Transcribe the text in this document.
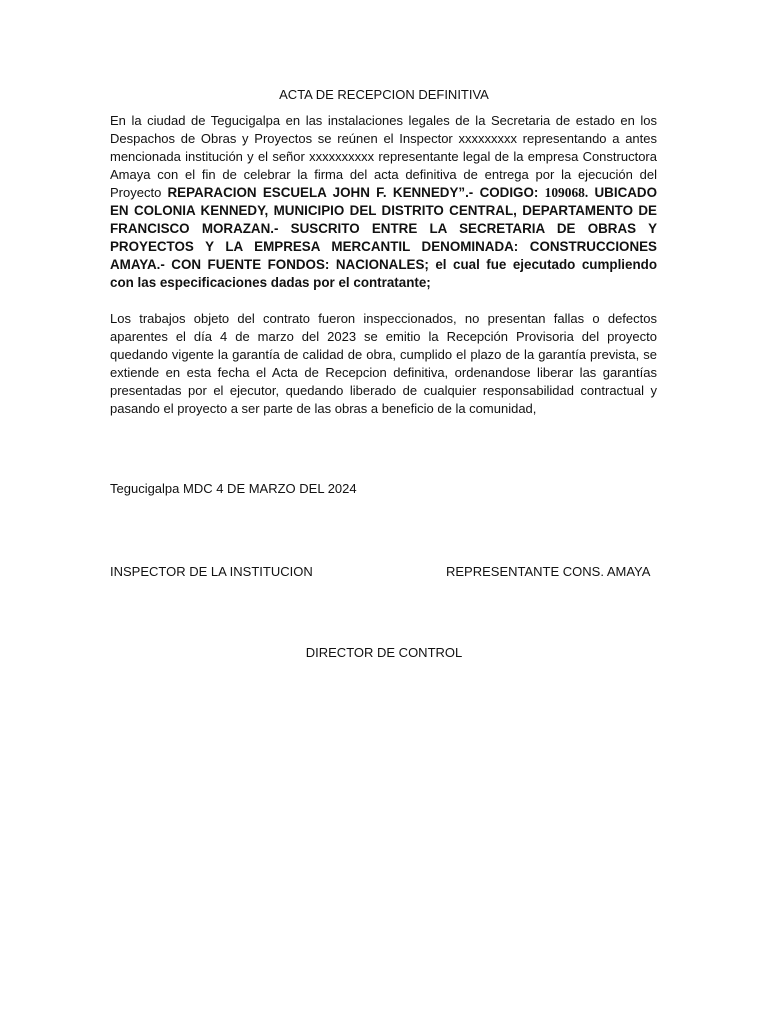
ACTA DE RECEPCION DEFINITIVA

En la ciudad de Tegucigalpa en las instalaciones legales de la Secretaria de estado en los Despachos de Obras y Proyectos se reúnen el Inspector xxxxxxxxx representando a antes mencionada institución y el señor xxxxxxxxxx representante legal de la empresa Constructora Amaya con el fin de celebrar la firma del acta definitiva de entrega por la ejecución del Proyecto REPARACION ESCUELA JOHN F. KENNEDY”.- CODIGO: 109068. UBICADO EN COLONIA KENNEDY, MUNICIPIO DEL DISTRITO CENTRAL, DEPARTAMENTO DE FRANCISCO MORAZAN.- SUSCRITO ENTRE LA SECRETARIA DE OBRAS Y PROYECTOS Y LA EMPRESA MERCANTIL DENOMINADA: CONSTRUCCIONES AMAYA.- CON FUENTE FONDOS: NACIONALES; el cual fue ejecutado cumpliendo con las especificaciones dadas por el contratante;

Los trabajos objeto del contrato fueron inspeccionados, no presentan fallas o defectos aparentes el día 4 de marzo del 2023 se emitio la Recepción Provisoria del proyecto quedando vigente la garantía de calidad de obra, cumplido el plazo de la garantía prevista, se extiende en esta fecha el Acta de Recepcion definitiva, ordenandose liberar las garantías presentadas por el ejecutor, quedando liberado de cualquier responsabilidad contractual y pasando el proyecto a ser parte de las obras a beneficio de la comunidad,

Tegucigalpa MDC 4 DE MARZO DEL 2024
INSPECTOR DE LA INSTITUCION	REPRESENTANTE CONS. AMAYA
DIRECTOR DE CONTROL
